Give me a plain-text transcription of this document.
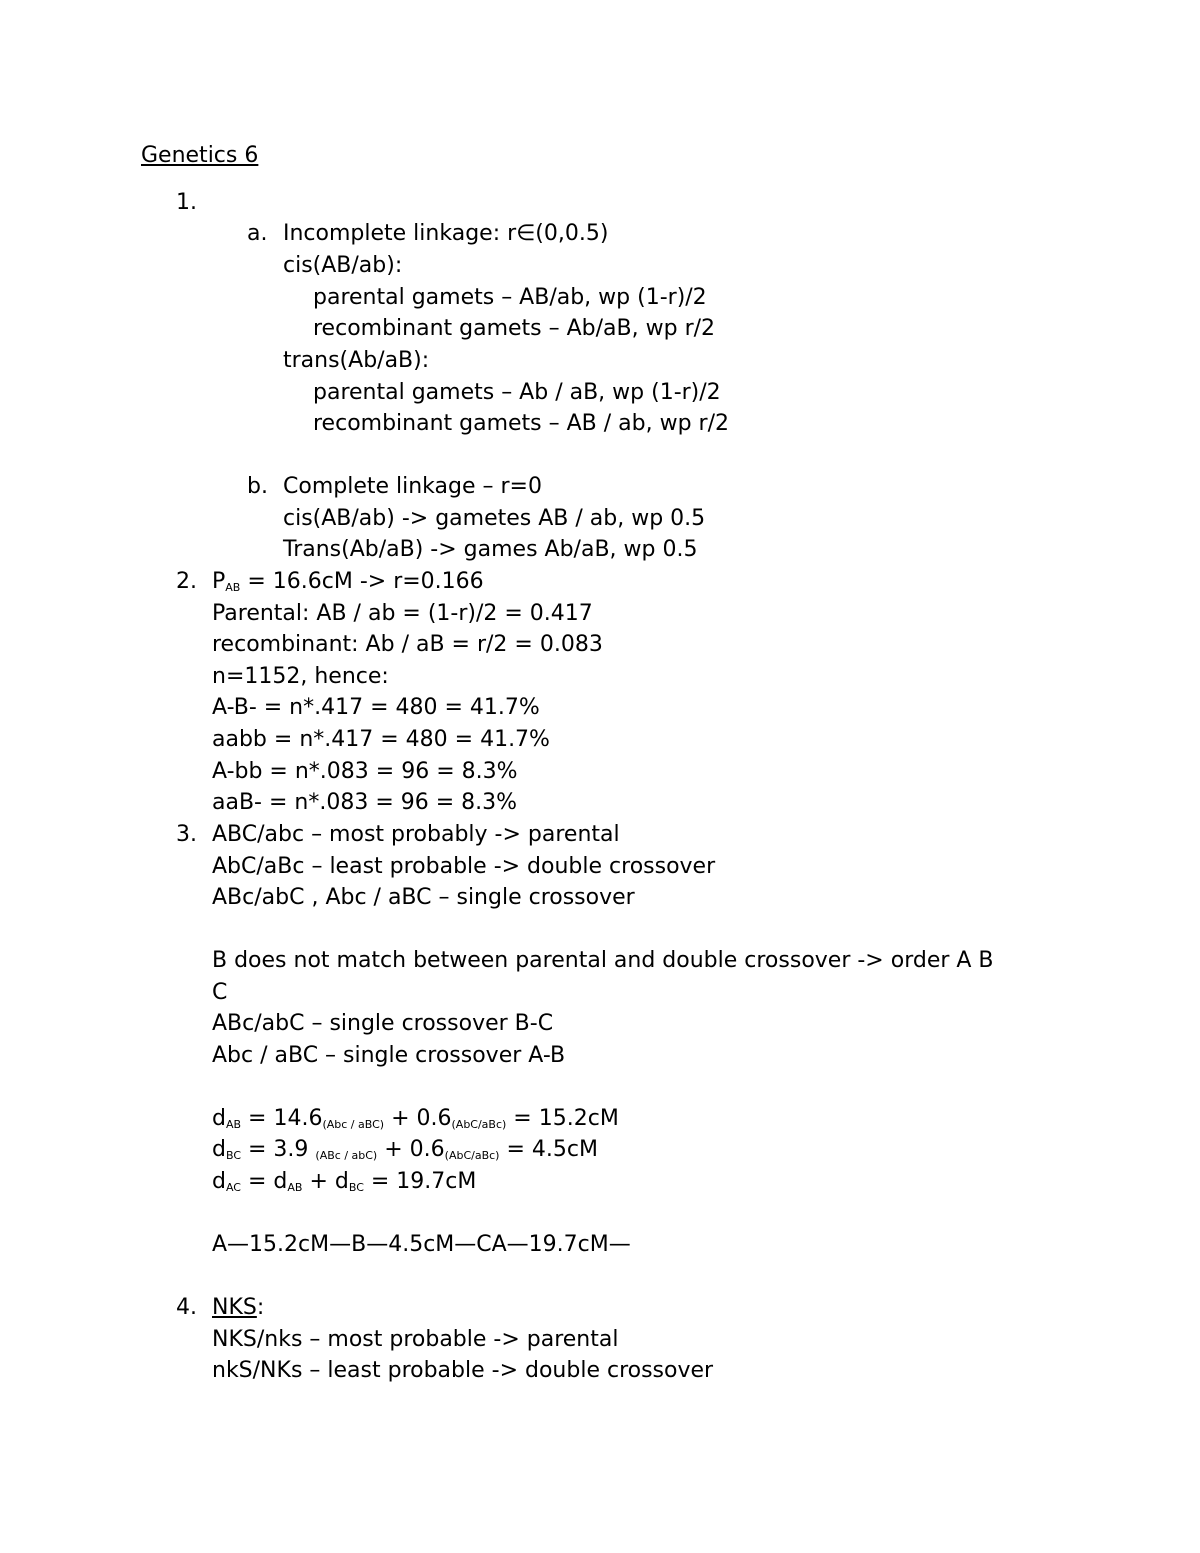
Genetics 6
1.
a. Incomplete linkage: r∈(0,0.5)
cis(AB/ab):
parental gamets – AB/ab, wp (1-r)/2
recombinant gamets – Ab/aB, wp r/2
trans(Ab/aB):
parental gamets – Ab / aB, wp (1-r)/2
recombinant gamets – AB / ab, wp r/2
b. Complete linkage – r=0
cis(AB/ab) -> gametes AB / ab, wp 0.5
Trans(Ab/aB) -> games Ab/aB, wp 0.5
2. $P_{AB} = 16.6cM -> r=0.166$
Parental: AB / ab = (1-r)/2 = 0.417
recombinant: Ab / aB = r/2 = 0.083
n=1152, hence:
A-B- = n*.417 = 480 = 41.7%
aabb = n*.417 = 480 = 41.7%
A-bb = n*.083 = 96 = 8.3%
aaB- = n*.083 = 96 = 8.3%
3. ABC/abc – most probably -> parental
AbC/aBc – least probable -> double crossover
ABc/abC , Abc / aBC – single crossover
B does not match between parental and double crossover -> order A B
C
ABc/abC – single crossover B-C
Abc / aBC – single crossover A-B
$d_{AB} = 14.6(Abc / aBC) + 0.6(AbC/aBc) = 15.2cM$
$d_{BC} = 3.9$ (ABc / abC) + 0.6(AbC/aBc) = 4.5cM
$d_{AC} = d_{AB} + d_{BC} = 19.7cM$
A—15.2cM—B—4.5cM—CA—19.7cM—
4. NKS:
NKS/nks – most probable -> parental
nkS/NKs – least probable -> double crossover
